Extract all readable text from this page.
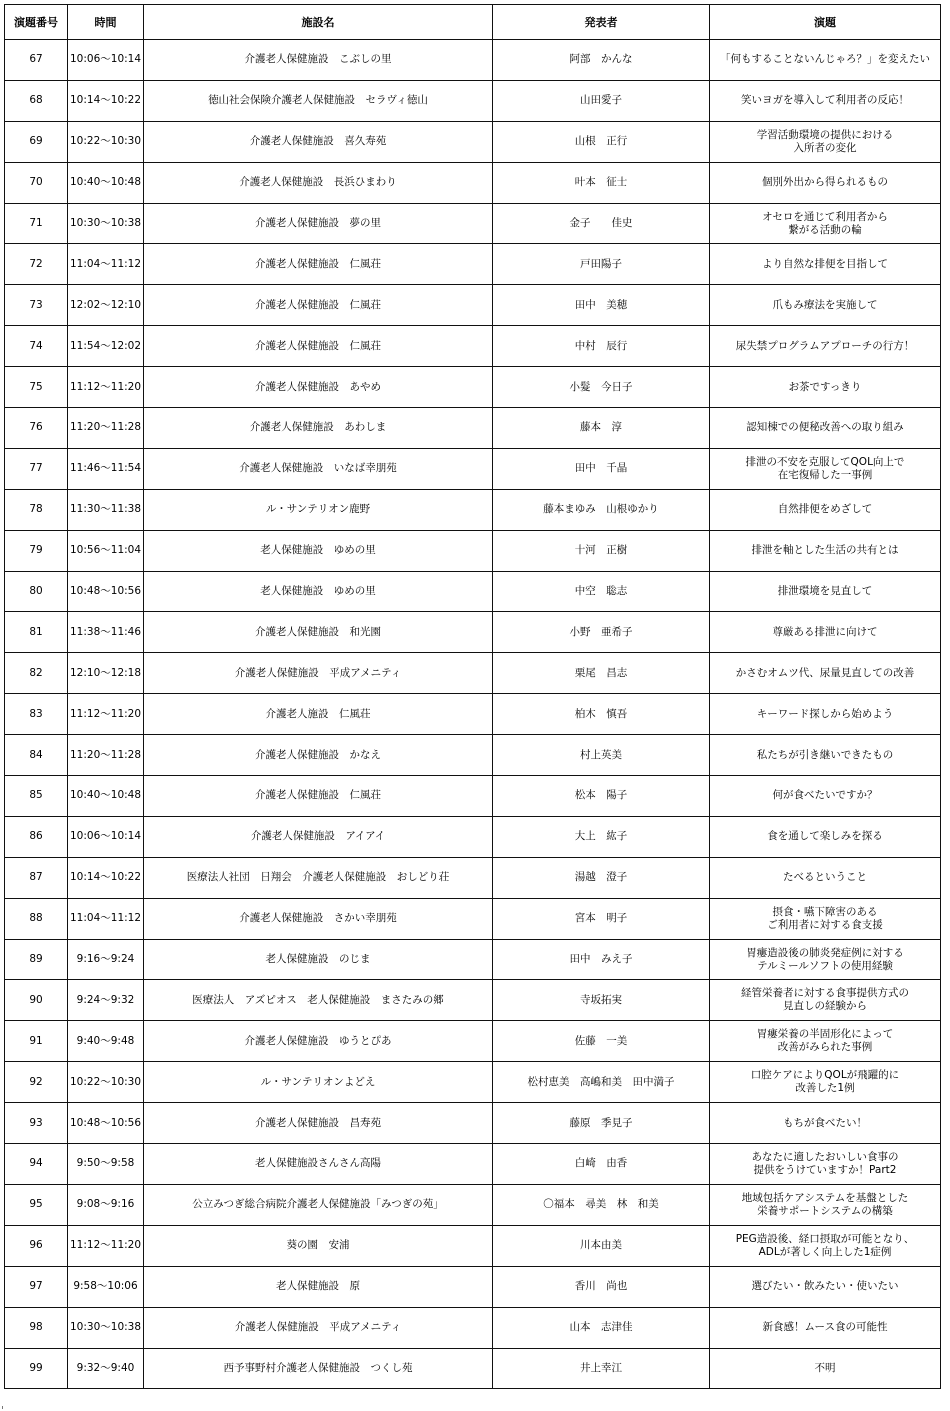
演題番号	時間	施設名	発表者	演題
67	10:06～10:14	介護老人保健施設　こぶしの里	阿部　かんな	「何もすることないんじゃろ？」を変えたい
68	10:14～10:22	徳山社会保険介護老人保健施設　セラヴィ徳山	山田愛子	笑いヨガを導入して利用者の反応！
69	10:22～10:30	介護老人保健施設　喜久寿苑	山根　正行	学習活動環境の提供における
入所者の変化
70	10:40～10:48	介護老人保健施設　長浜ひまわり	叶本　征士	個別外出から得られるもの
71	10:30～10:38	介護老人保健施設　夢の里	金子　　佳史	オセロを通じて利用者から
繋がる活動の輪
72	11:04～11:12	介護老人保健施設　仁風荘	戸田陽子	より自然な排便を目指して
73	12:02～12:10	介護老人保健施設　仁風荘	田中　美穂	爪もみ療法を実施して
74	11:54～12:02	介護老人保健施設　仁風荘	中村　辰行	尿失禁プログラムアプローチの行方！
75	11:12～11:20	介護老人保健施設　あやめ	小髮　今日子	お茶ですっきり
76	11:20～11:28	介護老人保健施設　あわしま	藤本　淳	認知棟での便秘改善への取り組み
77	11:46～11:54	介護老人保健施設　いなば幸朋苑	田中　千晶	排泄の不安を克服してQOL向上で
在宅復帰した一事例
78	11:30～11:38	ル・サンテリオン鹿野	藤本まゆみ　山根ゆかり	自然排便をめざして
79	10:56～11:04	老人保健施設　ゆめの里	十河　正樹	排泄を軸とした生活の共有とは
80	10:48～10:56	老人保健施設　ゆめの里	中空　聡志	排泄環境を見直して
81	11:38～11:46	介護老人保健施設　和光園	小野　亜希子	尊厳ある排泄に向けて
82	12:10～12:18	介護老人保健施設　平成アメニティ	栗尾　昌志	かさむオムツ代、尿量見直しての改善
83	11:12～11:20	介護老人施設　仁風荘	柏木　慎吾	キーワード探しから始めよう
84	11:20～11:28	介護老人保健施設　かなえ	村上英美	私たちが引き継いできたもの
85	10:40～10:48	介護老人保健施設　仁風荘	松本　陽子	何が食べたいですか？
86	10:06～10:14	介護老人保健施設　アイアイ	大上　紘子	食を通して楽しみを探る
87	10:14～10:22	医療法人社団　日翔会　介護老人保健施設　おしどり荘	湯越　澄子	たべるということ
88	11:04～11:12	介護老人保健施設　さかい幸朋苑	宮本　明子	摂食・嚥下障害のある
ご利用者に対する食支援
89	9:16～9:24	老人保健施設　のじま	田中　みえ子	胃瘻造設後の肺炎発症例に対する
テルミールソフトの使用経験
90	9:24～9:32	医療法人　アズピオス　老人保健施設　まさたみの郷	寺坂拓実	経管栄養者に対する食事提供方式の
見直しの経験から
91	9:40～9:48	介護老人保健施設　ゆうとぴあ	佐藤　一美	胃瘻栄養の半固形化によって
改善がみられた事例
92	10:22～10:30	ル・サンテリオンよどえ	松村恵美　高嶋和美　田中満子	口腔ケアによりQOLが飛躍的に
改善した1例
93	10:48～10:56	介護老人保健施設　昌寿苑	藤原　季見子	もちが食べたい！
94	9:50～9:58	老人保健施設さんさん高陽	白崎　由香	あなたに適したおいしい食事の
提供をうけていますか！Part2
95	9:08～9:16	公立みつぎ総合病院介護老人保健施設「みつぎの苑」	〇福本　尋美　林　和美	地域包括ケアシステムを基盤とした
栄養サポートシステムの構築
96	11:12～11:20	葵の園　安浦	川本由美	PEG造設後、経口摂取が可能となり、
ADLが著しく向上した1症例
97	9:58～10:06	老人保健施設　原	香川　尚也	選びたい・飲みたい・使いたい
98	10:30～10:38	介護老人保健施設　平成アメニティ	山本　志津佳	新食感！ムース食の可能性
99	9:32～9:40	西予事野村介護老人保健施設　つくし苑	井上幸江	不明
